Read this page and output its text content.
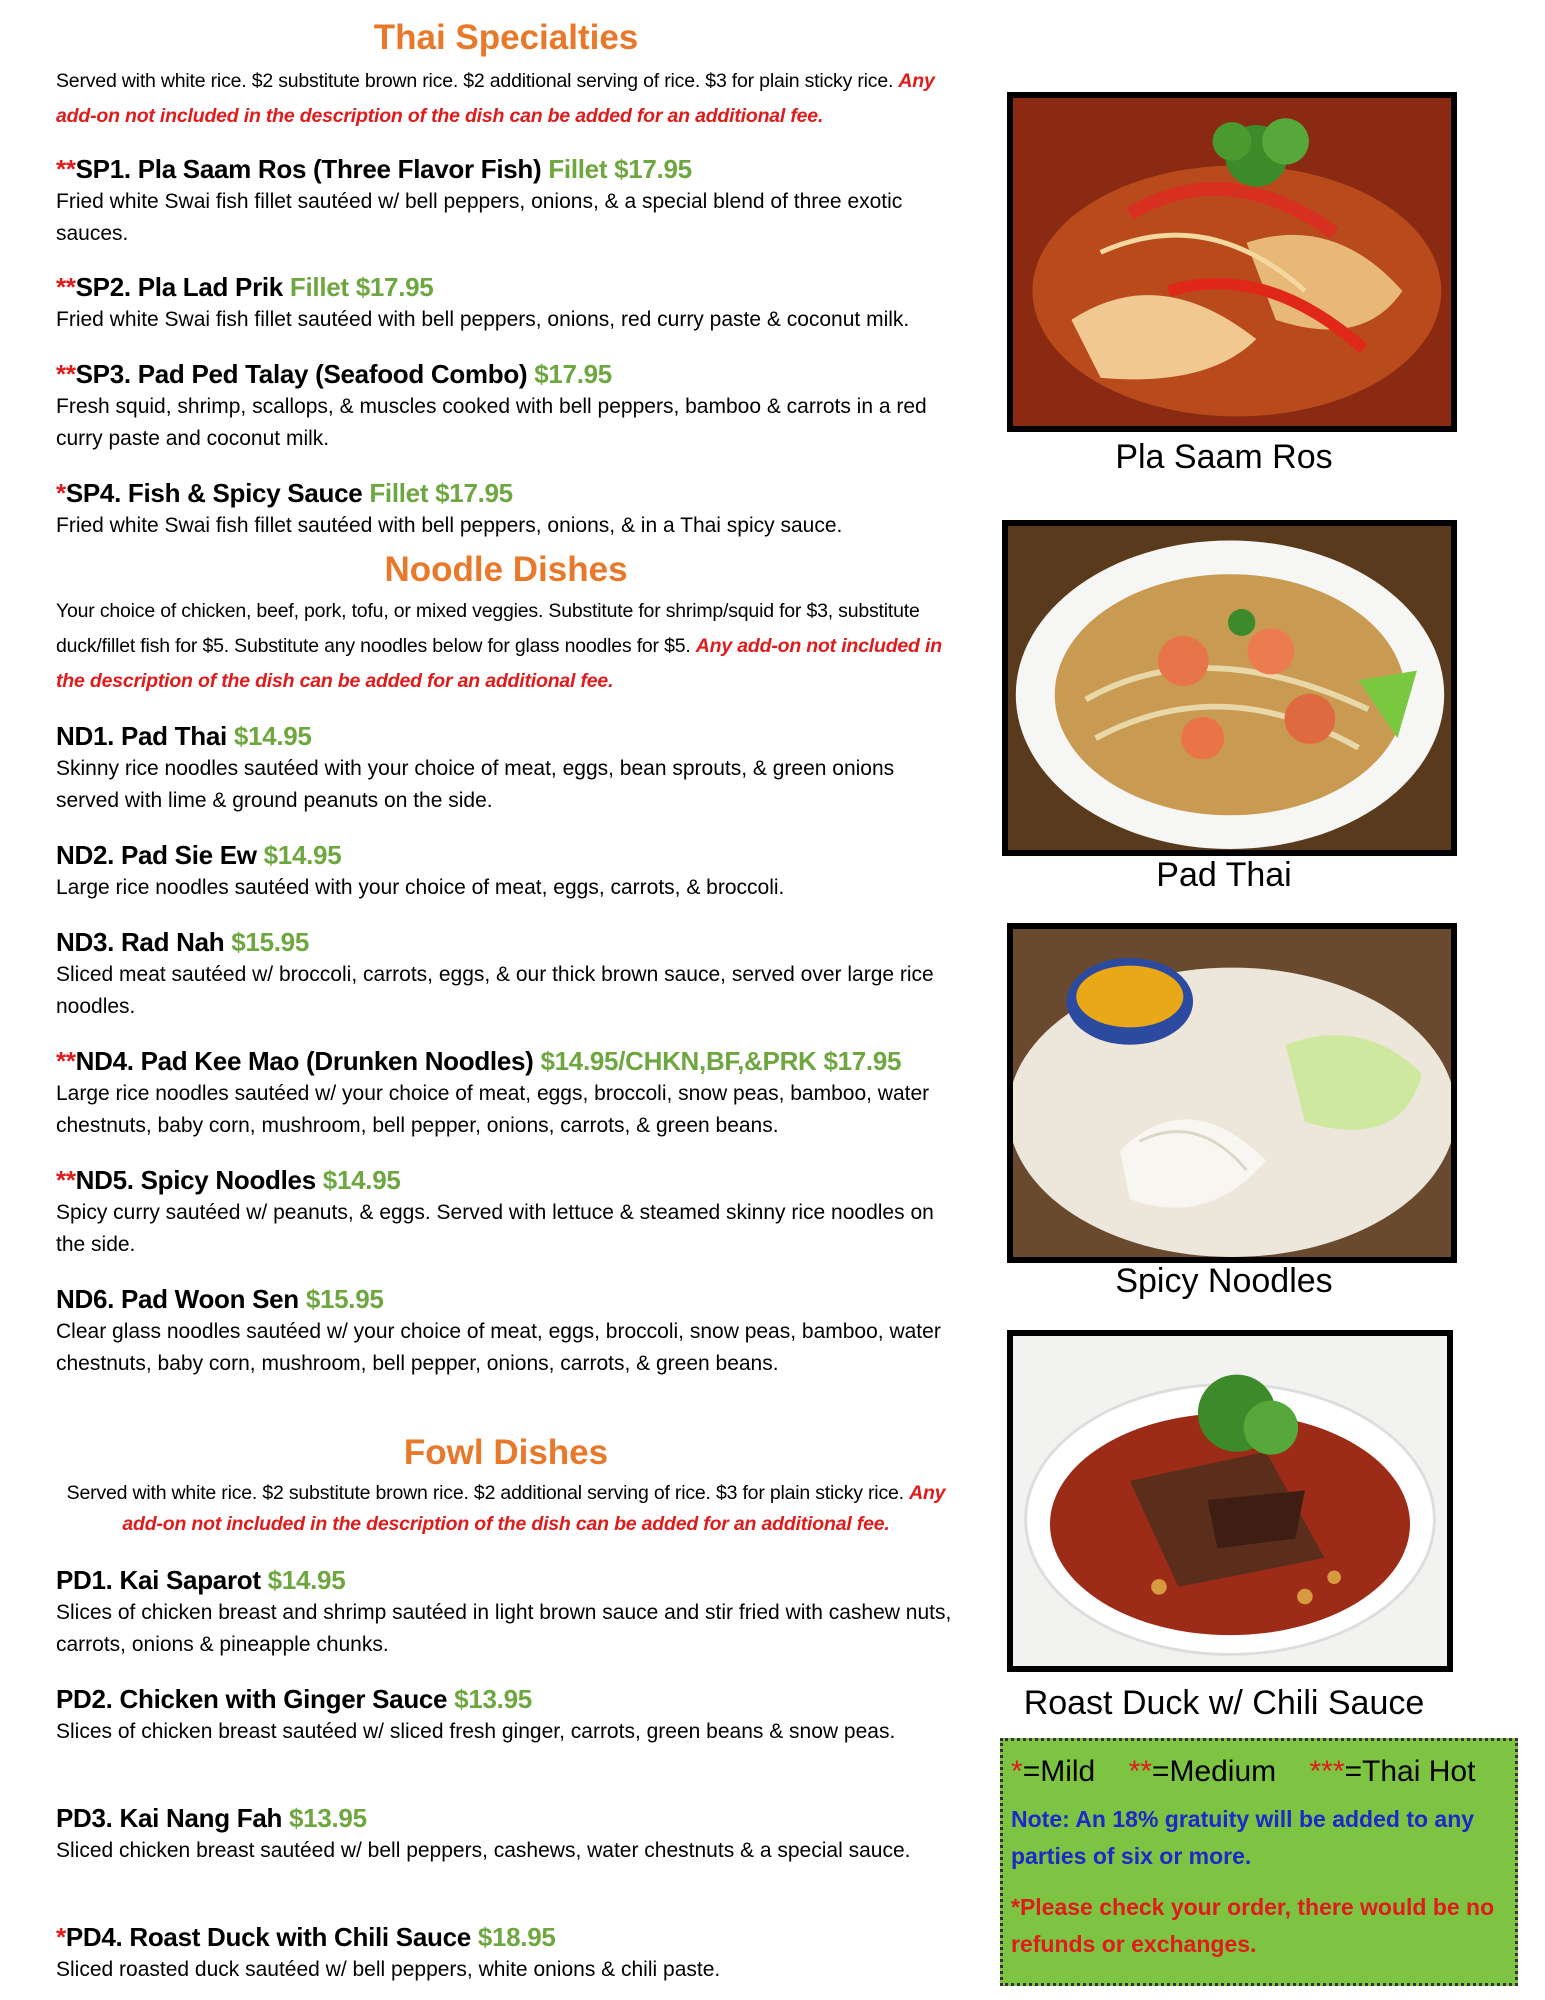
Thai Specialties
Served with white rice. $2 substitute brown rice. $2 additional serving of rice. $3 for plain sticky rice. Any add-on not included in the description of the dish can be added for an additional fee.
**SP1. Pla Saam Ros (Three Flavor Fish) Fillet $17.95

Fried white Swai fish fillet sautéed w/ bell peppers, onions, & a special blend of three exotic sauces.

**SP2. Pla Lad Prik Fillet $17.95

Fried white Swai fish fillet sautéed with bell peppers, onions, red curry paste & coconut milk.

**SP3. Pad Ped Talay (Seafood Combo) $17.95

Fresh squid, shrimp, scallops, & muscles cooked with bell peppers, bamboo & carrots in a red curry paste and coconut milk.

*SP4. Fish & Spicy Sauce Fillet $17.95

Fried white Swai fish fillet sautéed with bell peppers, onions, & in a Thai spicy sauce.

Noodle Dishes
Your choice of chicken, beef, pork, tofu, or mixed veggies. Substitute for shrimp/squid for $3, substitute duck/fillet fish for $5. Substitute any noodles below for glass noodles for $5. Any add-on not included in the description of the dish can be added for an additional fee.
ND1. Pad Thai $14.95

Skinny rice noodles sautéed with your choice of meat, eggs, bean sprouts, & green onions served with lime & ground peanuts on the side.

ND2. Pad Sie Ew $14.95

Large rice noodles sautéed with your choice of meat, eggs, carrots, & broccoli.

ND3. Rad Nah $15.95

Sliced meat sautéed w/ broccoli, carrots, eggs, & our thick brown sauce, served over large rice noodles.

**ND4. Pad Kee Mao (Drunken Noodles) $14.95/CHKN,BF,&PRK $17.95

Large rice noodles sautéed w/ your choice of meat, eggs, broccoli, snow peas, bamboo, water chestnuts, baby corn, mushroom, bell pepper, onions, carrots, & green beans.

**ND5. Spicy Noodles $14.95

Spicy curry sautéed w/ peanuts, & eggs. Served with lettuce & steamed skinny rice noodles on the side.

ND6. Pad Woon Sen $15.95

Clear glass noodles sautéed w/ your choice of meat, eggs, broccoli, snow peas, bamboo, water chestnuts, baby corn, mushroom, bell pepper, onions, carrots, & green beans.

Fowl Dishes
Served with white rice. $2 substitute brown rice. $2 additional serving of rice. $3 for plain sticky rice. Any add-on not included in the description of the dish can be added for an additional fee.
PD1. Kai Saparot $14.95

Slices of chicken breast and shrimp sautéed in light brown sauce and stir fried with cashew nuts, carrots, onions & pineapple chunks.

PD2. Chicken with Ginger Sauce $13.95

Slices of chicken breast sautéed w/ sliced fresh ginger, carrots, green beans & snow peas.

PD3. Kai Nang Fah $13.95

Sliced chicken breast sautéed w/ bell peppers, cashews, water chestnuts & a special sauce.

*PD4. Roast Duck with Chili Sauce $18.95

Sliced roasted duck sautéed w/ bell peppers, white onions & chili paste.

Pla Saam Ros
Pad Thai
Spicy Noodles
Roast Duck w/ Chili Sauce
*=Mild **=Medium ***=Thai Hot
Note: An 18% gratuity will be added to any parties of six or more.
*Please check your order, there would be no refunds or exchanges.
